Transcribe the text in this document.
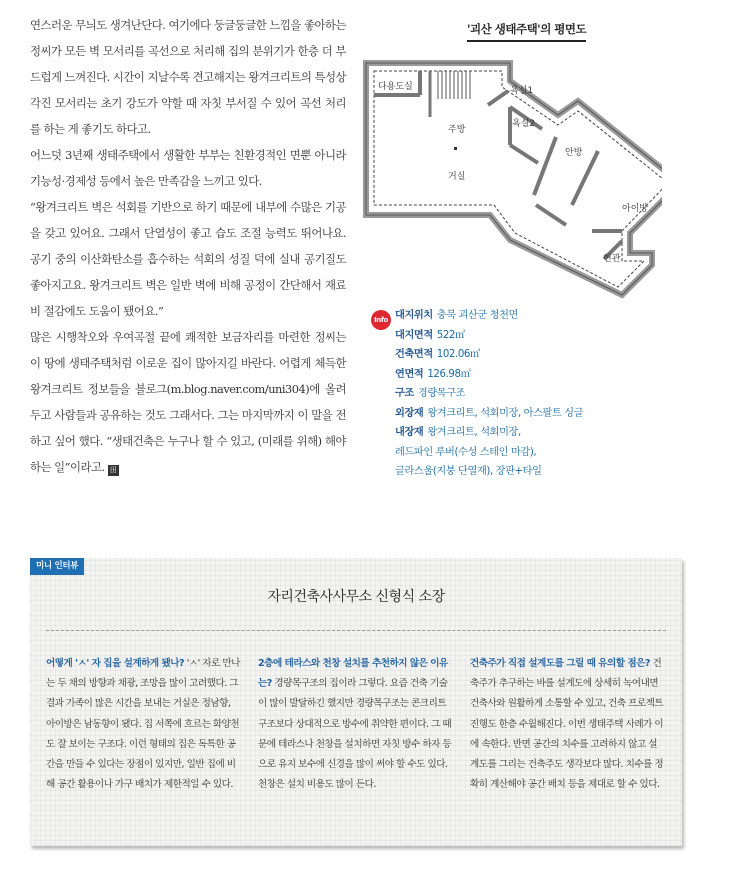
연스러운 무늬도 생겨난단다. 여기에다 둥글둥글한 느낌을 좋아하는 정씨가 모든 벽 모서리를 곡선으로 처리해 집의 분위기가 한층 더 부드럽게 느껴진다. 시간이 지날수록 견고해지는 왕겨크리트의 특성상 각진 모서리는 초기 강도가 약할 때 자칫 부서질 수 있어 곡선 처리를 하는 게 좋기도 하다고.

어느덧 3년째 생태주택에서 생활한 부부는 친환경적인 면뿐 아니라 기능성·경제성 등에서 높은 만족감을 느끼고 있다.

“왕겨크리트 벽은 석회를 기반으로 하기 때문에 내부에 수많은 기공을 갖고 있어요. 그래서 단열성이 좋고 습도 조절 능력도 뛰어나요. 공기 중의 이산화탄소를 흡수하는 석회의 성질 덕에 실내 공기질도 좋아지고요. 왕겨크리트 벽은 일반 벽에 비해 공정이 간단해서 재료비 절감에도 도움이 됐어요.”

많은 시행착오와 우여곡절 끝에 쾌적한 보금자리를 마련한 정씨는 이 땅에 생태주택처럼 이로운 집이 많아지길 바란다. 어렵게 체득한 왕겨크리트 정보들을 블로그(m.blog.naver.com/uni304)에 올려두고 사람들과 공유하는 것도 그래서다. 그는 마지막까지 이 말을 전하고 싶어 했다. “생태건축은 누구나 할 수 있고, (미래를 위해) 해야 하는 일”이라고. 田

'괴산 생태주택'의 평면도
다용도실	욕실1
욕실2
주방
거실
안방
아이방
현관
Info 대지위치 충북 괴산군 청천면
대지면적 522㎡
건축면적 102.06㎡
연면적 126.98㎡
구조 경량목구조
외장재 왕겨크리트, 석회미장, 아스팔트 싱글
내장재 왕겨크리트, 석회미장,
레드파인 루버(수성 스테인 마감),
글라스울(지붕 단열재), 장판+타일
미니 인터뷰
자리건축사사무소 신형식 소장
어떻게 'ㅅ' 자 집을 설계하게 됐나? 'ㅅ' 자로 만나는 두 채의 방향과 채광, 조망을 많이 고려했다. 그 결과 가족이 많은 시간을 보내는 거실은 정남향, 아이방은 남동향이 됐다. 집 서쪽에 흐르는 화양천도 잘 보이는 구조다. 이런 형태의 집은 독특한 공간을 만들 수 있다는 장점이 있지만, 일반 집에 비해 공간 활용이나 가구 배치가 제한적일 수 있다.
2층에 테라스와 천창 설치를 추천하지 않은 이유는? 경량목구조의 집이라 그렇다. 요즘 건축 기술이 많이 발달하긴 했지만 경량목구조는 콘크리트 구조보다 상대적으로 방수에 취약한 편이다. 그 때문에 테라스나 천창을 설치하면 자칫 방수 하자 등으로 유지 보수에 신경을 많이 써야 할 수도 있다. 천창은 설치 비용도 많이 든다.
건축주가 직접 설계도를 그릴 때 유의할 점은? 건축주가 추구하는 바를 설계도에 상세히 녹여내면 건축사와 원활하게 소통할 수 있고, 건축 프로젝트 진행도 한층 수월해진다. 이번 생태주택 사례가 이에 속한다. 반면 공간의 치수를 고려하지 않고 설계도를 그리는 건축주도 생각보다 많다. 치수를 정확히 계산해야 공간 배치 등을 제대로 할 수 있다.
